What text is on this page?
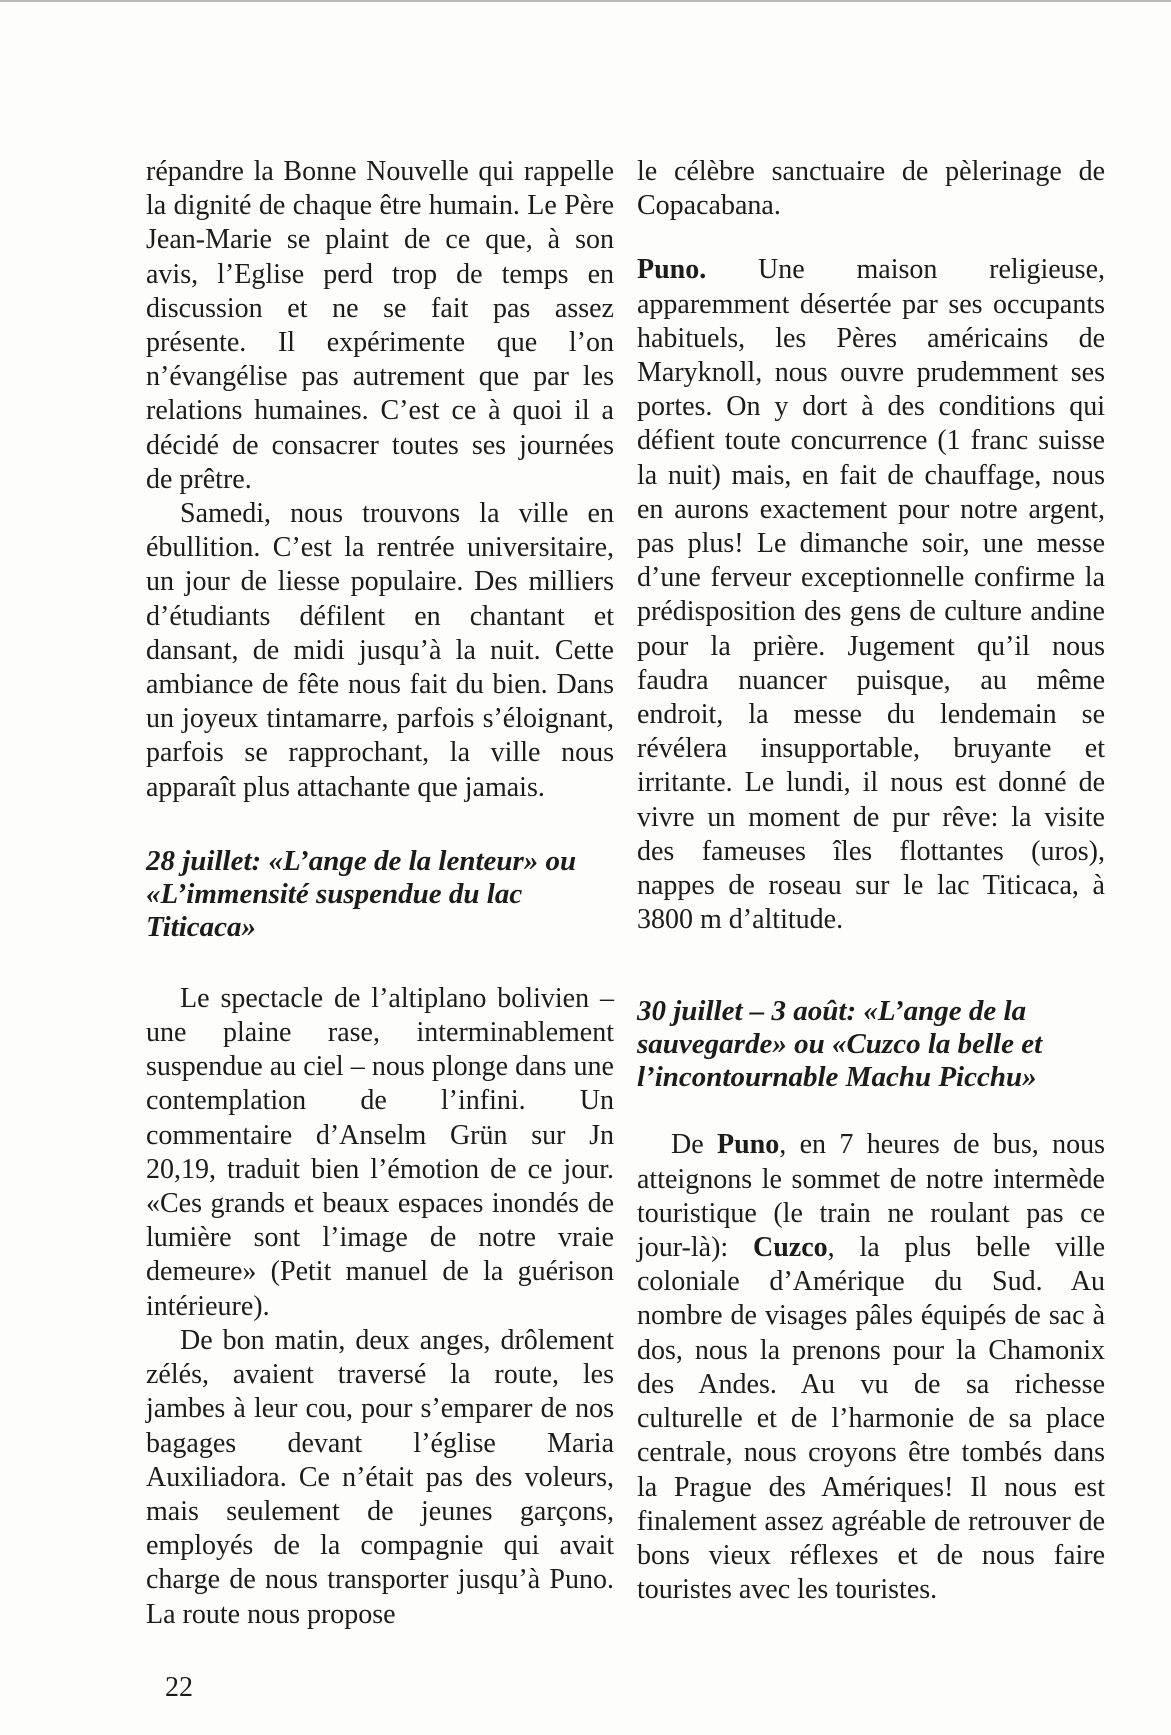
répandre la Bonne Nouvelle qui rappelle la dignité de chaque être humain. Le Père Jean-Marie se plaint de ce que, à son avis, l’Eglise perd trop de temps en discussion et ne se fait pas assez présente. Il expérimente que l’on n’évangélise pas autrement que par les relations humaines. C’est ce à quoi il a décidé de consacrer toutes ses journées de prêtre.

Samedi, nous trouvons la ville en ébullition. C’est la rentrée universitaire, un jour de liesse populaire. Des milliers d’étudiants défilent en chantant et dansant, de midi jusqu’à la nuit. Cette ambiance de fête nous fait du bien. Dans un joyeux tintamarre, parfois s’éloignant, parfois se rapprochant, la ville nous apparaît plus attachante que jamais.

28 juillet: «L’ange de la lenteur» ou «L’immensité suspendue du lac Titicaca»

Le spectacle de l’altiplano bolivien – une plaine rase, interminablement suspendue au ciel – nous plonge dans une contemplation de l’infini. Un commentaire d’Anselm Grün sur Jn 20,19, traduit bien l’émotion de ce jour. «Ces grands et beaux espaces inondés de lumière sont l’image de notre vraie demeure» (Petit manuel de la guérison intérieure).

De bon matin, deux anges, drôlement zélés, avaient traversé la route, les jambes à leur cou, pour s’emparer de nos bagages devant l’église Maria Auxiliadora. Ce n’était pas des voleurs, mais seulement de jeunes garçons, employés de la compagnie qui avait charge de nous transporter jusqu’à Puno. La route nous propose

le célèbre sanctuaire de pèlerinage de Copacabana.

Puno. Une maison religieuse, apparemment désertée par ses occupants habituels, les Pères américains de Maryknoll, nous ouvre prudemment ses portes. On y dort à des conditions qui défient toute concurrence (1 franc suisse la nuit) mais, en fait de chauffage, nous en aurons exactement pour notre argent, pas plus! Le dimanche soir, une messe d’une ferveur exceptionnelle confirme la prédisposition des gens de culture andine pour la prière. Jugement qu’il nous faudra nuancer puisque, au même endroit, la messe du lendemain se révélera insupportable, bruyante et irritante. Le lundi, il nous est donné de vivre un moment de pur rêve: la visite des fameuses îles flottantes (uros), nappes de roseau sur le lac Titicaca, à 3800 m d’altitude.

30 juillet – 3 août: «L’ange de la sauvegarde» ou «Cuzco la belle et l’incontournable Machu Picchu»

De Puno, en 7 heures de bus, nous atteignons le sommet de notre intermède touristique (le train ne roulant pas ce jour-là): Cuzco, la plus belle ville coloniale d’Amérique du Sud. Au nombre de visages pâles équipés de sac à dos, nous la prenons pour la Chamonix des Andes. Au vu de sa richesse culturelle et de l’harmonie de sa place centrale, nous croyons être tombés dans la Prague des Amériques! Il nous est finalement assez agréable de retrouver de bons vieux réflexes et de nous faire touristes avec les touristes.

22
